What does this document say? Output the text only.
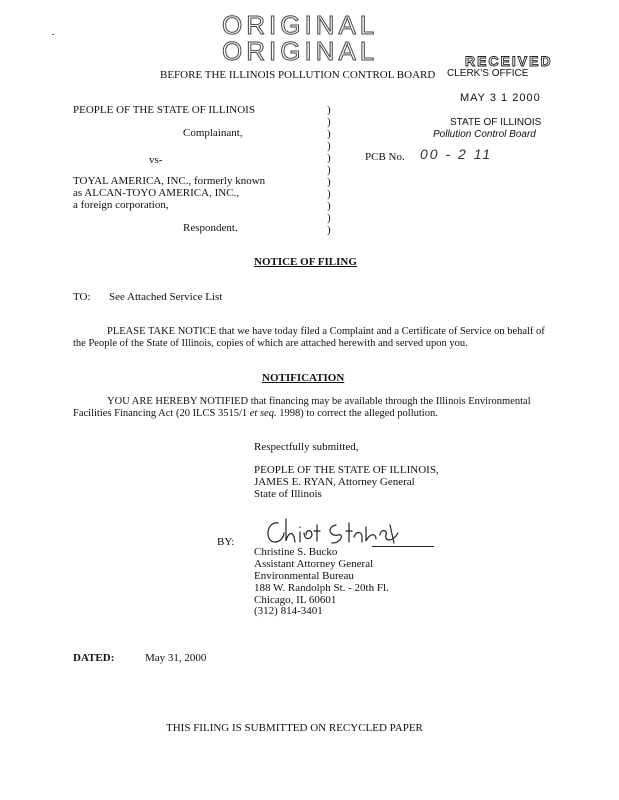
ORIGINAL
ORIGINAL	RECEIVED
CLERK'S OFFICE
MAY 3 1 2000
STATE OF ILLINOIS
Pollution Control Board
BEFORE THE ILLINOIS POLLUTION CONTROL BOARD
PEOPLE OF THE STATE OF ILLINOIS
Complainant,
vs-
TOYAL AMERICA, INC., formerly known
as ALCAN-TOYO AMERICA, INC.,
a foreign corporation,
Respondent.
)
)
)
)
)
)
)
)
)
)
)
PCB No. 00 - 2 11
NOTICE OF FILING
TO: See Attached Service List
PLEASE TAKE NOTICE that we have today filed a Complaint and a Certificate of Service on behalf of the People of the State of Illinois, copies of which are attached herewith and served upon you.
NOTIFICATION
YOU ARE HEREBY NOTIFIED that financing may be available through the Illinois Environmental Facilities Financing Act (20 ILCS 3515/1 et seq. 1998) to correct the alleged pollution.
Respectfully submitted,
PEOPLE OF THE STATE OF ILLINOIS,
JAMES E. RYAN, Attorney General
State of Illinois
BY:
Christine S. Bucko
Assistant Attorney General
Environmental Bureau
188 W. Randolph St. - 20th Fl.
Chicago, IL 60601
(312) 814-3401
DATED:	May 31, 2000
THIS FILING IS SUBMITTED ON RECYCLED PAPER
